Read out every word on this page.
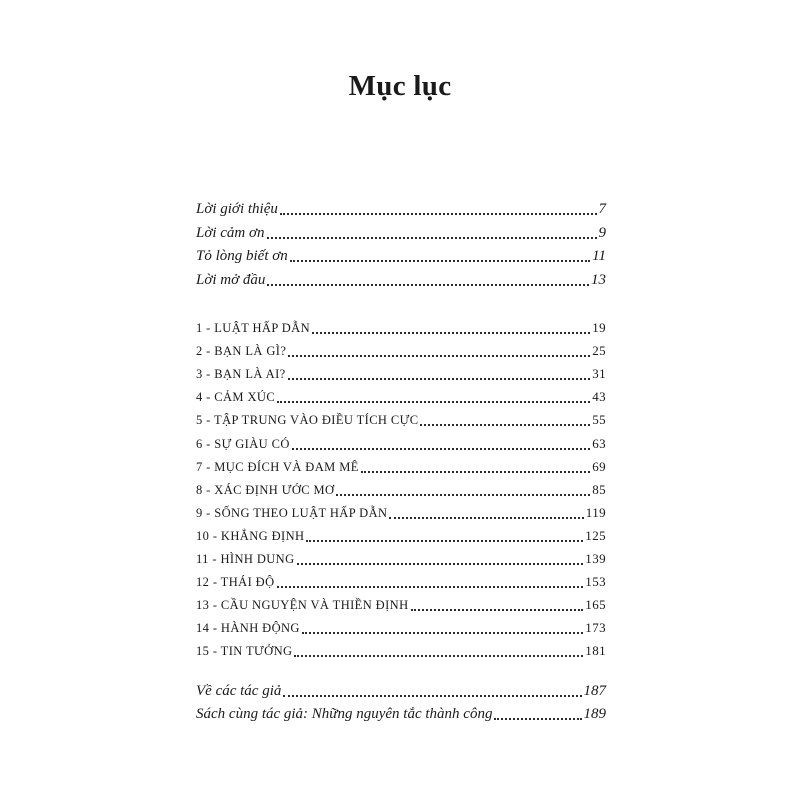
Mục lục
Lời giới thiệu	7
Lời cảm ơn	9
Tỏ lòng biết ơn	11
Lời mở đầu	13
1 - LUẬT HẤP DẪN	19
2 - BẠN LÀ GÌ?	25
3 - BẠN LÀ AI?	31
4 - CẢM XÚC	43
5 - TẬP TRUNG VÀO ĐIỀU TÍCH CỰC	55
6 - SỰ GIÀU CÓ	63
7 - MỤC ĐÍCH VÀ ĐAM MÊ	69
8 - XÁC ĐỊNH ƯỚC MƠ	85
9 - SỐNG THEO LUẬT HẤP DẪN	119
10 - KHẲNG ĐỊNH	125
11 - HÌNH DUNG	139
12 - THÁI ĐỘ	153
13 - CẦU NGUYỆN VÀ THIỀN ĐỊNH	165
14 - HÀNH ĐỘNG	173
15 - TIN TƯỞNG	181
Về các tác giả	187
Sách cùng tác giả: Những nguyên tắc thành công	189
